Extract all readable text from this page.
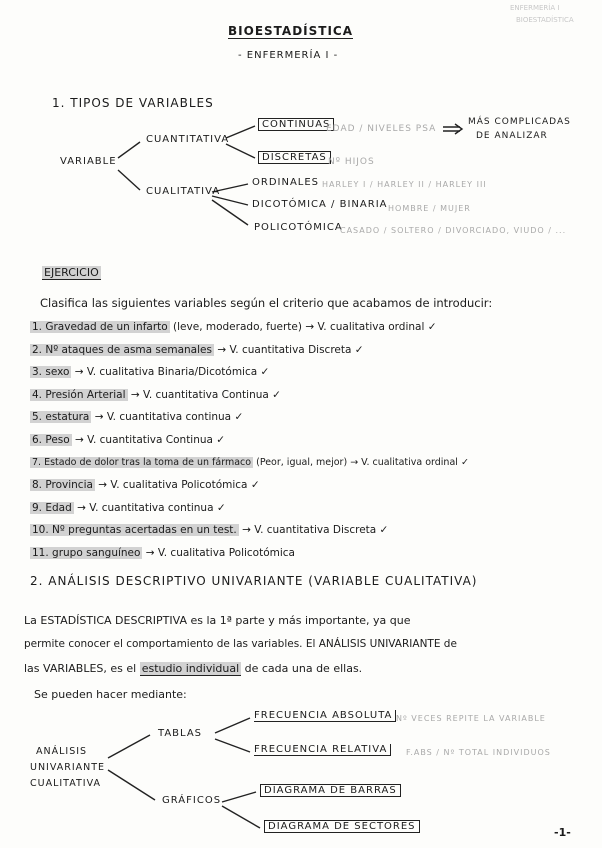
ENFERMERÍA I
BIOESTADÍSTICA
BIOESTADÍSTICA
- ENFERMERÍA I -
1. TIPOS DE VARIABLES
VARIABLE
CUANTITATIVA
CUALITATIVA
CONTINUAS
EDAD / NIVELES PSA
MÁS COMPLICADAS
DE ANALIZAR
DISCRETAS Nº HIJOS
ORDINALES HARLEY I / HARLEY II / HARLEY III
DICOTÓMICA / BINARIA HOMBRE / MUJER
POLICOTÓMICA
CASADO / SOLTERO / DIVORCIADO, VIUDO / ...
EJERCICIO
Clasifica las siguientes variables según el criterio que acabamos de introducir:
1. Gravedad de un infarto (leve, moderado, fuerte) → V. cualitativa ordinal ✓
2. Nº ataques de asma semanales → V. cuantitativa Discreta ✓
3. sexo → V. cualitativa Binaria/Dicotómica ✓
4. Presión Arterial → V. cuantitativa Continua ✓
5. estatura → V. cuantitativa continua ✓
6. Peso → V. cuantitativa Continua ✓
7. Estado de dolor tras la toma de un fármaco (Peor, igual, mejor) → V. cualitativa ordinal ✓
8. Provincia → V. cualitativa Policotómica ✓
9. Edad → V. cuantitativa continua ✓
10. Nº preguntas acertadas en un test. → V. cuantitativa Discreta ✓
11. grupo sanguíneo → V. cualitativa Policotómica
2. ANÁLISIS DESCRIPTIVO UNIVARIANTE (VARIABLE CUALITATIVA)
La ESTADÍSTICA DESCRIPTIVA es la 1ª parte y más importante, ya que
permite conocer el comportamiento de las variables. El ANÁLISIS UNIVARIANTE de
las VARIABLES, es el estudio individual de cada una de ellas.
Se pueden hacer mediante:
ANÁLISIS
UNIVARIANTE
CUALITATIVA
TABLAS
GRÁFICOS
FRECUENCIA ABSOLUTA Nº VECES REPITE LA VARIABLE
FRECUENCIA RELATIVA	F.ABS / Nº TOTAL INDIVIDUOS
DIAGRAMA DE BARRAS
DIAGRAMA DE SECTORES	-1-
